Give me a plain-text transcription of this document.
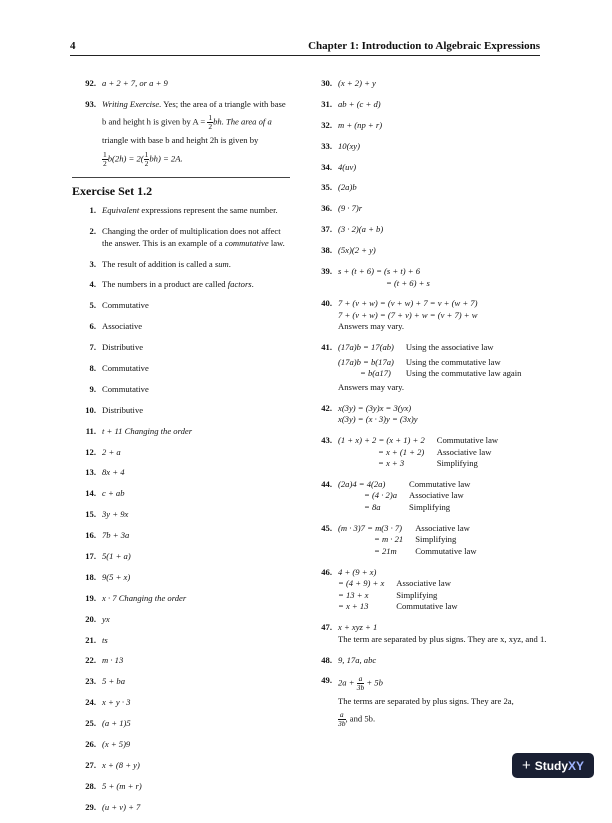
4	Chapter 1: Introduction to Algebraic Expressions
92. a + 2 + 7, or a + 9
93. Writing Exercise. Yes; the area of a triangle with base
b and height h is given by $A = \frac{1}{2}$ bh. The area of a
triangle with base b and height 2h is given by
$\frac{1}{2} b(2h) = 2( \frac{1}{2} bh) = 2A$.
Exercise Set 1.2
1. Equivalent expressions represent the same number.
2. Changing the order of multiplication does not affect the answer. This is an example of a commutative law.
3. The result of addition is called a sum.
4. The numbers in a product are called factors.
5. Commutative
6. Associative
7. Distributive
8. Commutative
9. Commutative
10. Distributive
11. t + 11 Changing the order
12. 2 + a
13. 8x + 4
14. c + ab
15. 3y + 9x
16. 7b + 3a
17. 5(1 + a)
18. 9(5 + x)
19. x · 7 Changing the order
20. yx
21. ts
22. m · 13
23. 5 + ba
24. x + y · 3
25. (a + 1)5
26. (x + 5)9
27. x + (8 + y)
28. 5 + (m + r)
29. (u + v) + 7
30. (x + 2) + y
31. ab + (c + d)
32. m + (np + r)
33. 10(xy)
34. 4(uv)
35. (2a)b
36. (9 · 7)r
37. (3 · 2)(a + b)
38. (5x)(2 + y)
39. s + (t + 6) = (s + t) + 6
= (t + 6) + s
40. 7 + (v + w) = (v + w) + 7 = v + (w + 7)
7 + (v + w) = (7 + v) + w = (v + 7) + w
Answers may vary.
41. (17a)b = 17(ab)	Using the associative law
(17a)b = b(17a)	Using the commutative law
= b(a17)	Using the commutative law again
Answers may vary.
42. x(3y) = (3y)x = 3(yx)
x(3y) = (x · 3)y = (3x)y
43. (1 + x) + 2 = (x + 1) + 2	Commutative law
= x + (1 + 2)	Associative law
= x + 3	Simplifying
44. (2a)4 = 4(2a)	Commutative law
= (4 · 2)a	Associative law
= 8a	Simplifying
45. (m · 3)7 = m(3 · 7)	Associative law
= m · 21	Simplifying
= 21m	Commutative law
46. 4 + (9 + x)
= (4 + 9) + x	Associative law
= 13 + x	Simplifying
= x + 13	Commutative law
47. x + xyz + 1
The term are separated by plus signs. They are x, xyz, and 1.
48. 9, 17a, abc
49. $2a + \frac{a}{3b} + 5b$
The terms are separated by plus signs. They are 2a,
$\frac{a}{3b}$ , and 5b.
+ Study XY
